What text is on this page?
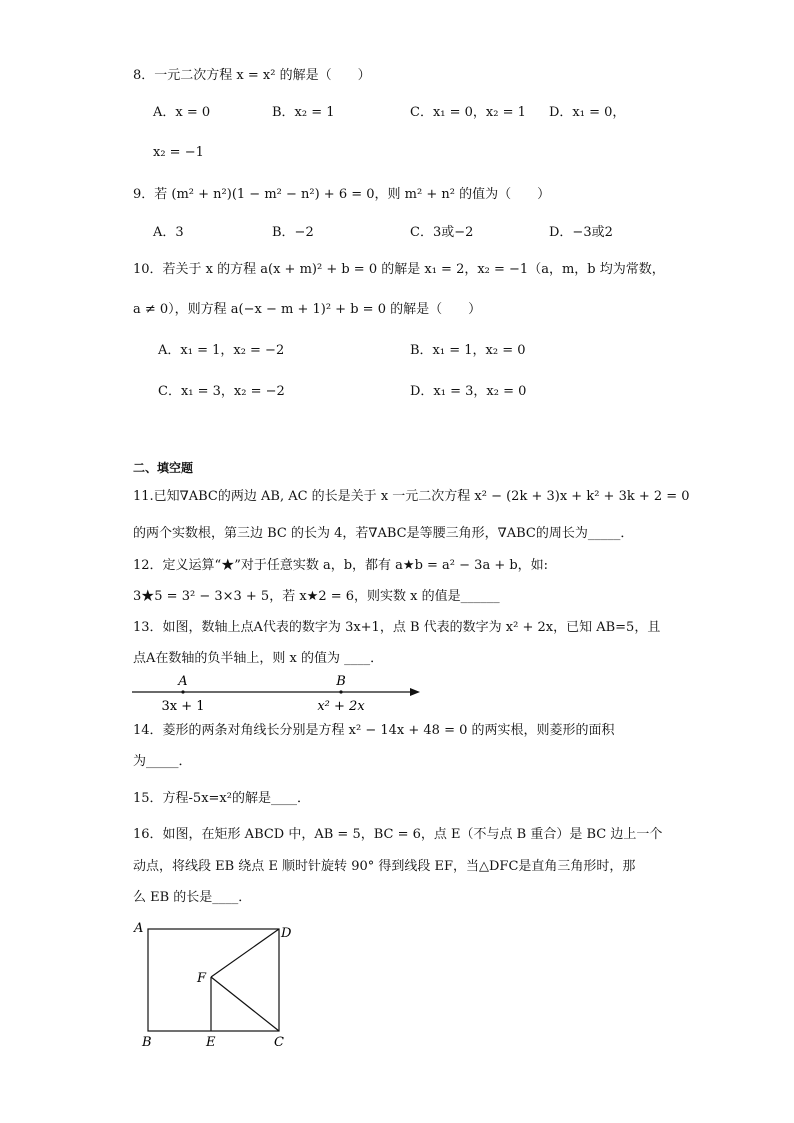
8．一元二次方程 x = x² 的解是（　　）
A．x = 0	B．x₂ = 1	C．x₁ = 0，x₂ = 1 D．x₁ = 0，
x₂ = −1
9．若 (m² + n²)(1 − m² − n²) + 6 = 0，则 m² + n² 的值为（　　）
A．3	B．−2	C．3或−2	D．−3或2
10．若关于 x 的方程 a(x + m)² + b = 0 的解是 x₁ = 2，x₂ = −1（a，m，b 均为常数，
a ≠ 0），则方程 a(−x − m + 1)² + b = 0 的解是（　　）
A．x₁ = 1，x₂ = −2	B．x₁ = 1，x₂ = 0
C．x₁ = 3，x₂ = −2	D．x₁ = 3，x₂ = 0
二、填空题
11.已知∇ABC的两边 AB, AC 的长是关于 x 一元二次方程 x² − (2k + 3)x + k² + 3k + 2 = 0
的两个实数根，第三边 BC 的长为 4，若∇ABC是等腰三角形，∇ABC的周长为_____．
12．定义运算“★”对于任意实数 a，b，都有 a★b = a² − 3a + b，如:
3★5 = 3² − 3×3 + 5，若 x★2 = 6，则实数 x 的值是______
13．如图，数轴上点A代表的数字为 3x+1，点 B 代表的数字为 x² + 2x，已知 AB=5，且
点A在数轴的负半轴上，则 x 的值为 ____．
A	B
3x + 1	x² + 2x
14．菱形的两条对角线长分别是方程 x² − 14x + 48 = 0 的两实根，则菱形的面积
为_____．
15．方程-5x=x²的解是____．
16．如图，在矩形 ABCD 中，AB = 5，BC = 6，点 E（不与点 B 重合）是 BC 边上一个
动点，将线段 EB 绕点 E 顺时针旋转 90° 得到线段 EF，当△DFC是直角三角形时，那
么 EB 的长是____．
A	D
F
B	E	C
